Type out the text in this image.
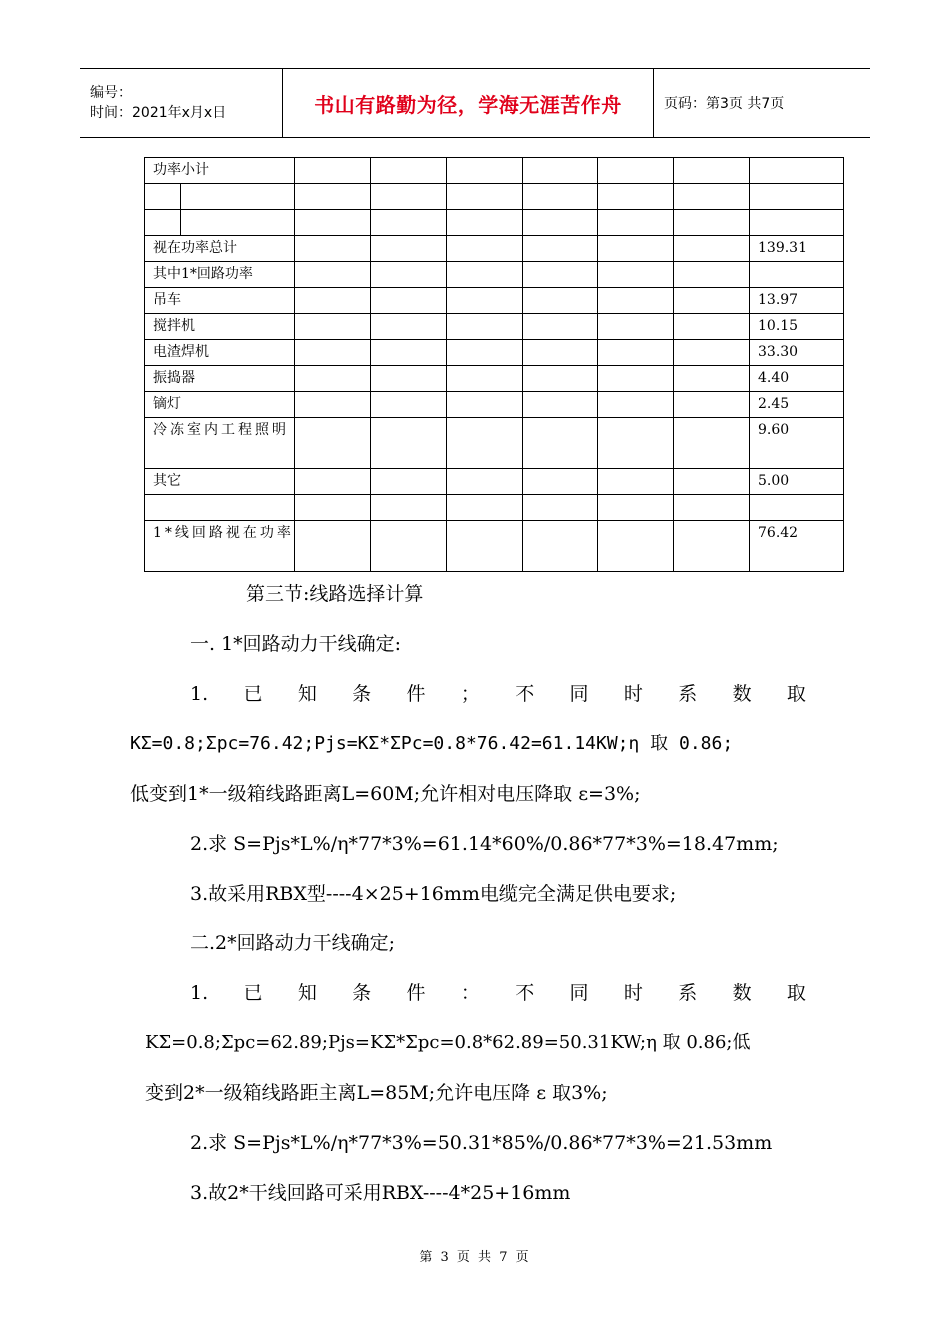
编号：
时间：2021年x月x日	书山有路勤为径，学海无涯苦作舟	页码：第3页 共7页
功率小计								

视在功率总计								139.31
其中1*回路功率								
吊车								13.97
搅拌机								10.15
电渣焊机								33.30
振捣器								4.40
镝灯								2.45
冷冻室内工程照明								9.60
其它								5.00

1*线回路视在功率								76.42
第三节:线路选择计算
一. 1*回路动力干线确定:
1. 已 知 条 件 ； 不 同 时 系 数 取
KΣ=0.8;Σpc=76.42;Pjs=KΣ*ΣPc=0.8*76.42=61.14KW;η 取 0.86;
低变到1*一级箱线路距离L=60M;允许相对电压降取 ε=3%;
2.求 S=Pjs*L%/η*77*3%=61.14*60%/0.86*77*3%=18.47mm;
3.故采用RBX型----4×25+16mm电缆完全满足供电要求;
二.2*回路动力干线确定;
1. 已 知 条 件 ： 不 同 时 系 数 取
KΣ=0.8;Σpc=62.89;Pjs=KΣ*Σpc=0.8*62.89=50.31KW;η 取 0.86;低
变到2*一级箱线路距主离L=85M;允许电压降 ε 取3%;
2.求 S=Pjs*L%/η*77*3%=50.31*85%/0.86*77*3%=21.53mm
3.故2*干线回路可采用RBX----4*25+16mm
第 3 页 共 7 页
